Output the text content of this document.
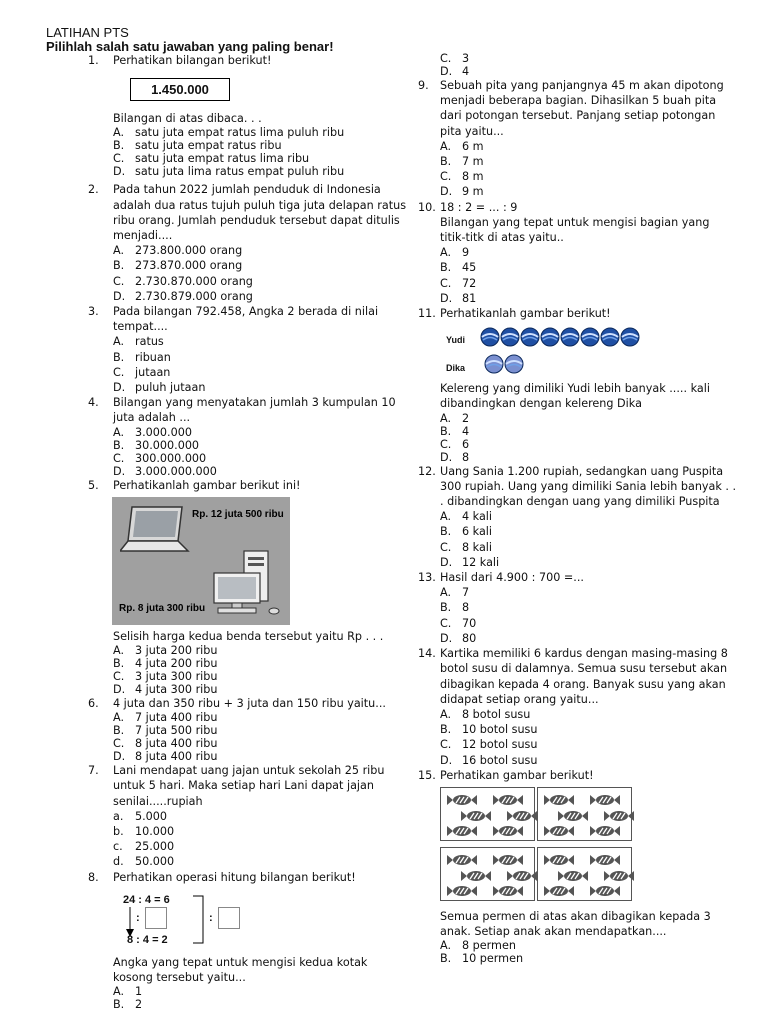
LATIHAN PTS
Pilihlah salah satu jawaban yang paling benar!
1. Perhatikan bilangan berikut!
1.450.000
Bilangan di atas dibaca. . .
A. satu juta empat ratus lima puluh ribu
B. satu juta empat ratus ribu
C. satu juta empat ratus lima ribu
D. satu juta lima ratus empat puluh ribu
2. Pada tahun 2022 jumlah penduduk di Indonesia adalah dua ratus tujuh puluh tiga juta delapan ratus ribu orang. Jumlah penduduk tersebut dapat ditulis menjadi....
A. 273.800.000 orang
B. 273.870.000 orang
C. 2.730.870.000 orang
D. 2.730.879.000 orang
3. Pada bilangan 792.458, Angka 2 berada di nilai tempat....
A. ratus
B. ribuan
C. jutaan
D. puluh jutaan
4. Bilangan yang menyatakan jumlah 3 kumpulan 10 juta adalah ...
A. 3.000.000
B. 30.000.000
C. 300.000.000
D. 3.000.000.000
5. Perhatikanlah gambar berikut ini!
Rp. 12 juta 500 ribu
Rp. 8 juta 300 ribu
Selisih harga kedua benda tersebut yaitu Rp . . .
A. 3 juta 200 ribu
B. 4 juta 200 ribu
C. 3 juta 300 ribu
D. 4 juta 300 ribu
6. 4 juta dan 350 ribu + 3 juta dan 150 ribu yaitu...
A. 7 juta 400 ribu
B. 7 juta 500 ribu
C. 8 juta 400 ribu
D. 8 juta 400 ribu
7. Lani mendapat uang jajan untuk sekolah 25 ribu untuk 5 hari. Maka setiap hari Lani dapat jajan senilai.....rupiah
a. 5.000
b. 10.000
c. 25.000
d. 50.000
8. Perhatikan operasi hitung bilangan berikut!
24 : 4 = 6
:	:
8 : 4 = 2
Angka yang tepat untuk mengisi kedua kotak kosong tersebut yaitu...
A. 1
B. 2
C. 3
D. 4
9. Sebuah pita yang panjangnya 45 m akan dipotong menjadi beberapa bagian. Dihasilkan 5 buah pita dari potongan tersebut. Panjang setiap potongan pita yaitu...
A. 6 m
B. 7 m
C. 8 m
D. 9 m
10. 18 : 2 = ... : 9
Bilangan yang tepat untuk mengisi bagian yang titik-titk di atas yaitu..
A. 9
B. 45
C. 72
D. 81
11. Perhatikanlah gambar berikut!
Yudi
Dika
Kelereng yang dimiliki Yudi lebih banyak ..... kali dibandingkan dengan kelereng Dika
A. 2
B. 4
C. 6
D. 8
12. Uang Sania 1.200 rupiah, sedangkan uang Puspita 300 rupiah. Uang yang dimiliki Sania lebih banyak . . . dibandingkan dengan uang yang dimiliki Puspita
A. 4 kali
B. 6 kali
C. 8 kali
D. 12 kali
13. Hasil dari 4.900 : 700 =...
A. 7
B. 8
C. 70
D. 80
14. Kartika memiliki 6 kardus dengan masing-masing 8 botol susu di dalamnya. Semua susu tersebut akan dibagikan kepada 4 orang. Banyak susu yang akan didapat setiap orang yaitu...
A. 8 botol susu
B. 10 botol susu
C. 12 botol susu
D. 16 botol susu
15. Perhatikan gambar berikut!
Semua permen di atas akan dibagikan kepada 3 anak. Setiap anak akan mendapatkan....
A. 8 permen
B. 10 permen
